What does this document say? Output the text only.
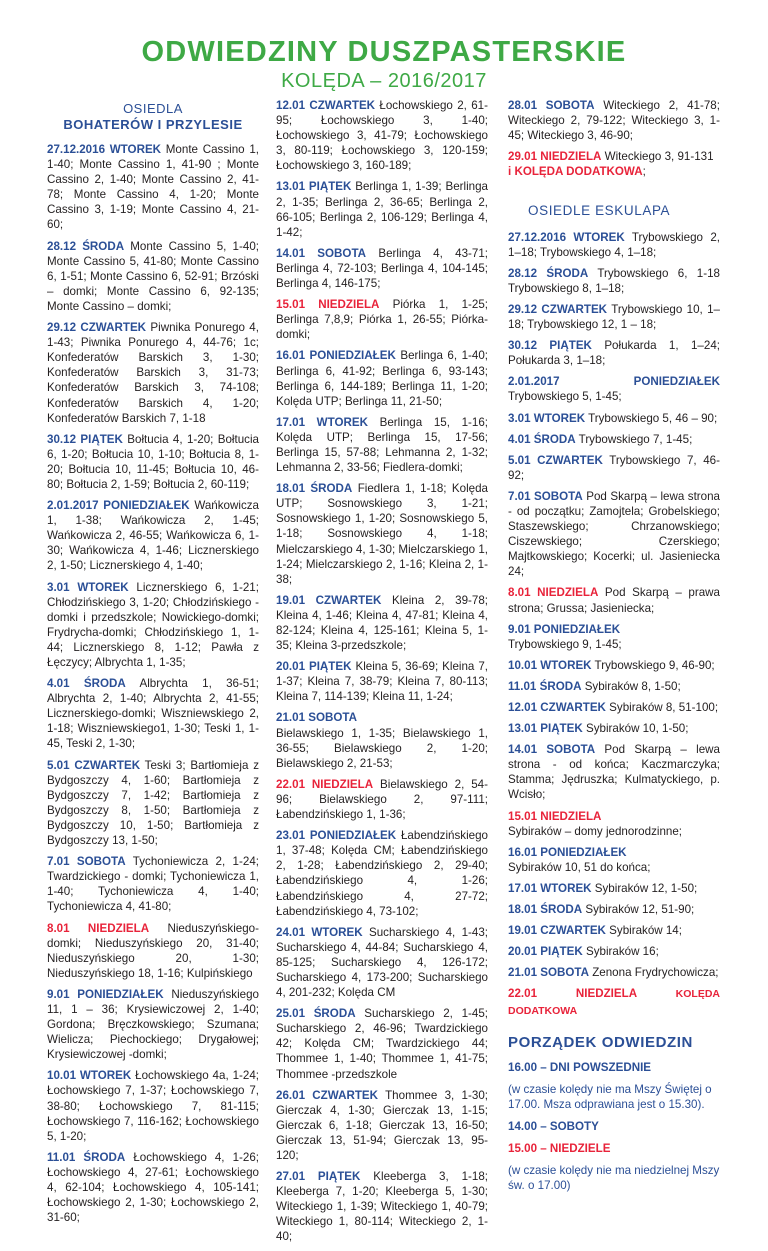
ODWIEDZINY DUSZPASTERSKIE
KOLĘDA – 2016/2017
OSIEDLA
BOHATERÓW I PRZYLESIE
27.12.2016 WTOREK Monte Cassino 1, 1-40; Monte Cassino 1, 41-90 ; Monte Cassino 2, 1-40; Monte Cassino 2, 41-78; Monte Cassino 4, 1-20; Monte Cassino 3, 1-19; Monte Cassino 4, 21-60;
28.12 ŚRODA Monte Cassino 5, 1-40; Monte Cassino 5, 41-80; Monte Cassino 6, 1-51; Monte Cassino 6, 52-91; Brzóski – domki; Monte Cassino 6, 92-135; Monte Cassino – domki;
29.12 CZWARTEK Piwnika Ponurego 4, 1-43; Piwnika Ponurego 4, 44-76; 1c; Konfederatów Barskich 3, 1-30; Konfederatów Barskich 3, 31-73; Konfederatów Barskich 3, 74-108; Konfederatów Barskich 4, 1-20; Konfederatów Barskich 7, 1-18
30.12 PIĄTEK Bołtucia 4, 1-20; Bołtucia 6, 1-20; Bołtucia 10, 1-10; Bołtucia 8, 1-20; Bołtucia 10, 11-45; Bołtucia 10, 46-80; Bołtucia 2, 1-59; Bołtucia 2, 60-119;
2.01.2017 PONIEDZIAŁEK Wańkowicza 1, 1-38; Wańkowicza 2, 1-45; Wańkowicza 2, 46-55; Wańkowicza 6, 1-30; Wańkowicza 4, 1-46; Licznerskiego 2, 1-50; Licznerskiego 4, 1-40;
3.01 WTOREK Licznerskiego 6, 1-21; Chłodzińskiego 3, 1-20; Chłodzińskiego -domki i przedszkole; Nowickiego-domki; Frydrycha-domki; Chłodzińskiego 1, 1-44; Licznerskiego 8, 1-12; Pawła z Łęczycy; Albrychta 1, 1-35;
4.01 ŚRODA Albrychta 1, 36-51; Albrychta 2, 1-40; Albrychta 2, 41-55; Licznerskiego-domki; Wiszniewskiego 2, 1-18; Wiszniewskiego1, 1-30; Teski 1, 1-45, Teski 2, 1-30;
5.01 CZWARTEK Teski 3; Bartłomieja z Bydgoszczy 4, 1-60; Bartłomieja z Bydgoszczy 7, 1-42; Bartłomieja z Bydgoszczy 8, 1-50; Bartłomieja z Bydgoszczy 10, 1-50; Bartłomieja z Bydgoszczy 13, 1-50;
7.01 SOBOTA Tychoniewicza 2, 1-24; Twardzickiego - domki; Tychoniewicza 1, 1-40; Tychoniewicza 4, 1-40; Tychoniewicza 4, 41-80;
8.01 NIEDZIELA Nieduszyńskiego- domki; Nieduszyńskiego 20, 31-40; Nieduszyńskiego 20, 1-30; Nieduszyńskiego 18, 1-16; Kulpińskiego
9.01 PONIEDZIAŁEK Nieduszyńskiego 11, 1 – 36; Krysiewiczowej 2, 1-40; Gordona; Bręczkowskiego; Szumana; Wielicza; Piechockiego; Drygałowej; Krysiewiczowej -domki;
10.01 WTOREK Łochowskiego 4a, 1-24; Łochowskiego 7, 1-37; Łochowskiego 7, 38-80; Łochowskiego 7, 81-115; Łochowskiego 7, 116-162; Łochowskiego 5, 1-20;
11.01 ŚRODA Łochowskiego 4, 1-26; Łochowskiego 4, 27-61; Łochowskiego 4, 62-104; Łochowskiego 4, 105-141; Łochowskiego 2, 1-30; Łochowskiego 2, 31-60;
12.01 CZWARTEK Łochowskiego 2, 61-95; Łochowskiego 3, 1-40; Łochowskiego 3, 41-79; Łochowskiego 3, 80-119; Łochowskiego 3, 120-159; Łochowskiego 3, 160-189;
13.01 PIĄTEK Berlinga 1, 1-39; Berlinga 2, 1-35; Berlinga 2, 36-65; Berlinga 2, 66-105; Berlinga 2, 106-129; Berlinga 4, 1-42;
14.01 SOBOTA Berlinga 4, 43-71; Berlinga 4, 72-103; Berlinga 4, 104-145; Berlinga 4, 146-175;
15.01 NIEDZIELA Piórka 1, 1-25; Berlinga 7,8,9; Piórka 1, 26-55; Piórka-domki;
16.01 PONIEDZIAŁEK Berlinga 6, 1-40; Berlinga 6, 41-92; Berlinga 6, 93-143; Berlinga 6, 144-189; Berlinga 11, 1-20; Kolęda UTP; Berlinga 11, 21-50;
17.01 WTOREK Berlinga 15, 1-16; Kolęda UTP; Berlinga 15, 17-56; Berlinga 15, 57-88; Lehmanna 2, 1-32; Lehmanna 2, 33-56; Fiedlera-domki;
18.01 ŚRODA Fiedlera 1, 1-18; Kolęda UTP; Sosnowskiego 3, 1-21; Sosnowskiego 1, 1-20; Sosnowskiego 5, 1-18; Sosnowskiego 4, 1-18; Mielczarskiego 4, 1-30; Mielczarskiego 1, 1-24; Mielczarskiego 2, 1-16; Kleina 2, 1-38;
19.01 CZWARTEK Kleina 2, 39-78; Kleina 4, 1-46; Kleina 4, 47-81; Kleina 4, 82-124; Kleina 4, 125-161; Kleina 5, 1-35; Kleina 3-przedszkole;
20.01 PIĄTEK Kleina 5, 36-69; Kleina 7, 1-37; Kleina 7, 38-79; Kleina 7, 80-113; Kleina 7, 114-139; Kleina 11, 1-24;
21.01 SOBOTA
Bielawskiego 1, 1-35; Bielawskiego 1, 36-55; Bielawskiego 2, 1-20; Bielawskiego 2, 21-53;
22.01 NIEDZIELA Bielawskiego 2, 54-96; Bielawskiego 2, 97-111; Łabendzińskiego 1, 1-36;
23.01 PONIEDZIAŁEK Łabendzińskiego 1, 37-48; Kolęda CM; Łabendzińskiego 2, 1-28; Łabendzińskiego 2, 29-40; Łabendzińskiego 4, 1-26; Łabendzińskiego 4, 27-72; Łabendzińskiego 4, 73-102;
24.01 WTOREK Sucharskiego 4, 1-43; Sucharskiego 4, 44-84; Sucharskiego 4, 85-125; Sucharskiego 4, 126-172; Sucharskiego 4, 173-200; Sucharskiego 4, 201-232; Kolęda CM
25.01 ŚRODA Sucharskiego 2, 1-45; Sucharskiego 2, 46-96; Twardzickiego 42; Kolęda CM; Twardzickiego 44; Thommee 1, 1-40; Thommee 1, 41-75; Thommee -przedszkole
26.01 CZWARTEK Thommee 3, 1-30; Gierczak 4, 1-30; Gierczak 13, 1-15; Gierczak 6, 1-18; Gierczak 13, 16-50; Gierczak 13, 51-94; Gierczak 13, 95-120;
27.01 PIĄTEK Kleeberga 3, 1-18; Kleeberga 7, 1-20; Kleeberga 5, 1-30; Witeckiego 1, 1-39; Witeckiego 1, 40-79; Witeckiego 1, 80-114; Witeckiego 2, 1-40;
28.01 SOBOTA Witeckiego 2, 41-78; Witeckiego 2, 79-122; Witeckiego 3, 1-45; Witeckiego 3, 46-90;
29.01 NIEDZIELA Witeckiego 3, 91-131
i KOLĘDA DODATKOWA;
OSIEDLE ESKULAPA
27.12.2016 WTOREK Trybowskiego 2, 1–18; Trybowskiego 4, 1–18;
28.12 ŚRODA Trybowskiego 6, 1-18 Trybowskiego 8, 1–18;
29.12 CZWARTEK Trybowskiego 10, 1–18; Trybowskiego 12, 1 – 18;
30.12 PIĄTEK Połukarda 1, 1–24; Połukarda 3, 1–18;
2.01.2017 PONIEDZIAŁEK Trybowskiego 5, 1-45;
3.01 WTOREK Trybowskiego 5, 46 – 90;
4.01 ŚRODA Trybowskiego 7, 1-45;
5.01 CZWARTEK Trybowskiego 7, 46-92;
7.01 SOBOTA Pod Skarpą – lewa strona - od początku; Zamojtela; Grobelskiego; Staszewskiego; Chrzanowskiego; Ciszewskiego; Czerskiego; Majtkowskiego; Kocerki; ul. Jasieniecka 24;
8.01 NIEDZIELA Pod Skarpą – prawa strona; Grussa; Jasieniecka;
9.01 PONIEDZIAŁEK
Trybowskiego 9, 1-45;
10.01 WTOREK Trybowskiego 9, 46-90;
11.01 ŚRODA Sybiraków 8, 1-50;
12.01 CZWARTEK Sybiraków 8, 51-100;
13.01 PIĄTEK Sybiraków 10, 1-50;
14.01 SOBOTA Pod Skarpą – lewa strona - od końca; Kaczmarczyka; Stamma; Jędruszka; Kulmatyckiego, p. Wcisło;
15.01 NIEDZIELA
Sybiraków – domy jednorodzinne;
16.01 PONIEDZIAŁEK
Sybiraków 10, 51 do końca;
17.01 WTOREK Sybiraków 12, 1-50;
18.01 ŚRODA Sybiraków 12, 51-90;
19.01 CZWARTEK Sybiraków 14;
20.01 PIĄTEK Sybiraków 16;
21.01 SOBOTA Zenona Frydrychowicza;
22.01 NIEDZIELA KOLĘDA DODATKOWA
PORZĄDEK ODWIEDZIN
16.00 – DNI POWSZEDNIE
(w czasie kolędy nie ma Mszy Świętej o 17.00. Msza odprawiana jest o 15.30).
14.00 – SOBOTY
15.00 – NIEDZIELE
(w czasie kolędy nie ma niedzielnej Mszy św. o 17.00)
